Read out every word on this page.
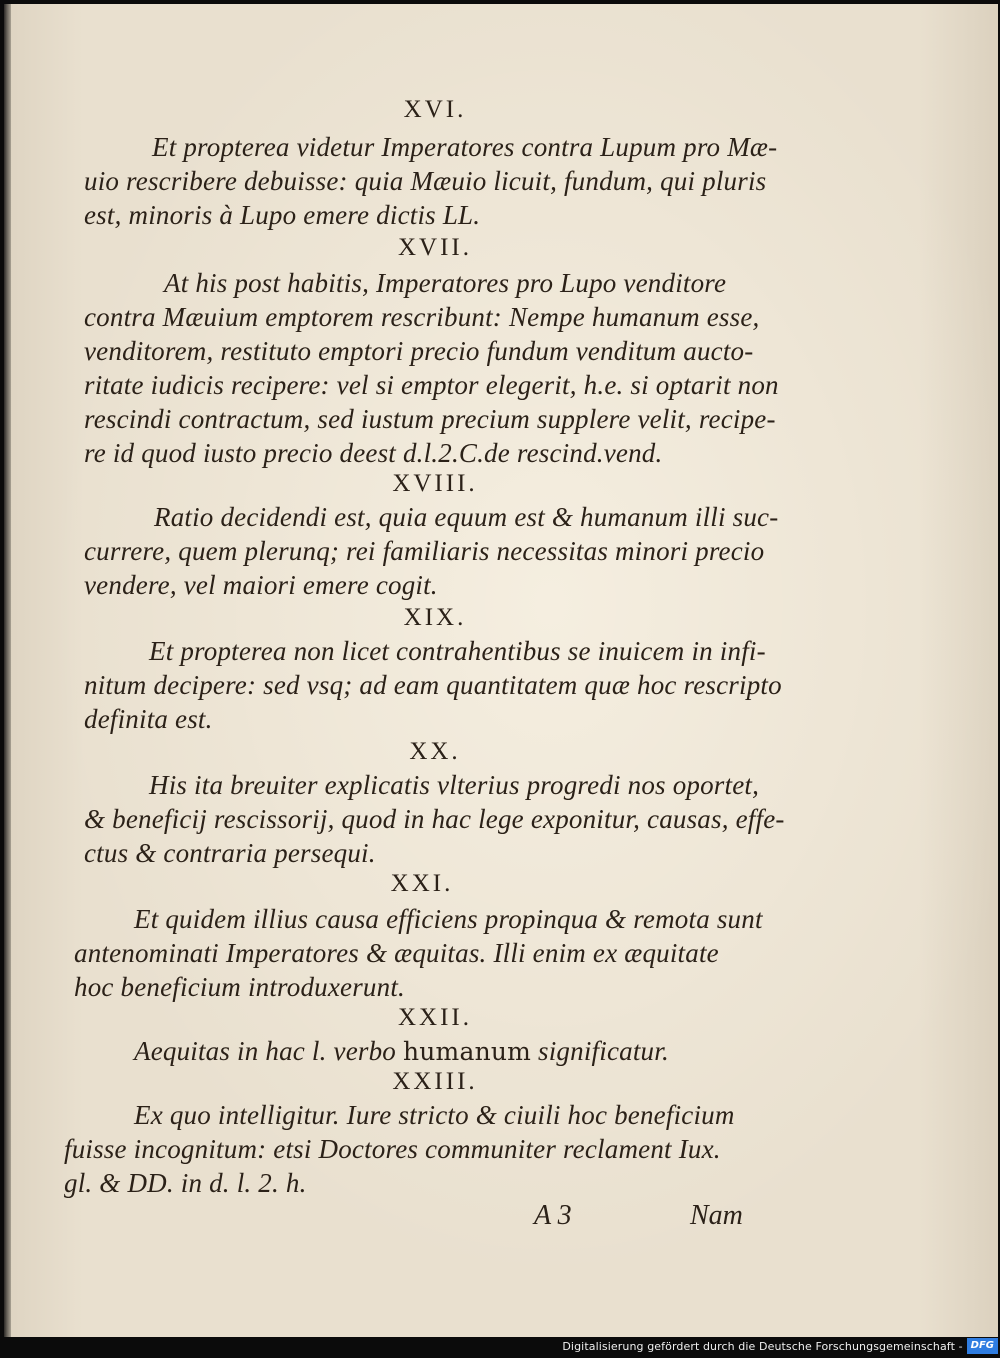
XVI.
Et propterea videtur Imperatores contra Lupum pro Mæ-
uio rescribere debuisse: quia Mæuio licuit, fundum, qui pluris
est, minoris à Lupo emere dictis LL.
XVII.
At his post habitis, Imperatores pro Lupo venditore
contra Mæuium emptorem rescribunt: Nempe humanum esse,
venditorem, restituto emptori precio fundum venditum aucto-
ritate iudicis recipere: vel si emptor elegerit, h.e. si optarit non
rescindi contractum, sed iustum precium supplere velit, recipe-
re id quod iusto precio deest d.l.2.C.de rescind.vend.
XVIII.
Ratio decidendi est, quia equum est & humanum illi suc-
currere, quem plerunq; rei familiaris necessitas minori precio
vendere, vel maiori emere cogit.
XIX.
Et propterea non licet contrahentibus se inuicem in infi-
nitum decipere: sed vsq; ad eam quantitatem quæ hoc rescripto
definita est.
XX.
His ita breuiter explicatis vlterius progredi nos oportet,
& beneficij rescissorij, quod in hac lege exponitur, causas, effe-
ctus & contraria persequi.
XXI.
Et quidem illius causa efficiens propinqua & remota sunt
antenominati Imperatores & æquitas. Illi enim ex æquitate
hoc beneficium introduxerunt.
XXII.
Aequitas in hac l. verbo humanum significatur.
XXIII.
Ex quo intelligitur. Iure stricto & ciuili hoc beneficium
fuisse incognitum: etsi Doctores communiter reclament Iux.
gl. & DD. in d. l. 2. h.
A 3	Nam
Digitalisierung gefördert durch die Deutsche Forschungsgemeinschaft - DFG
